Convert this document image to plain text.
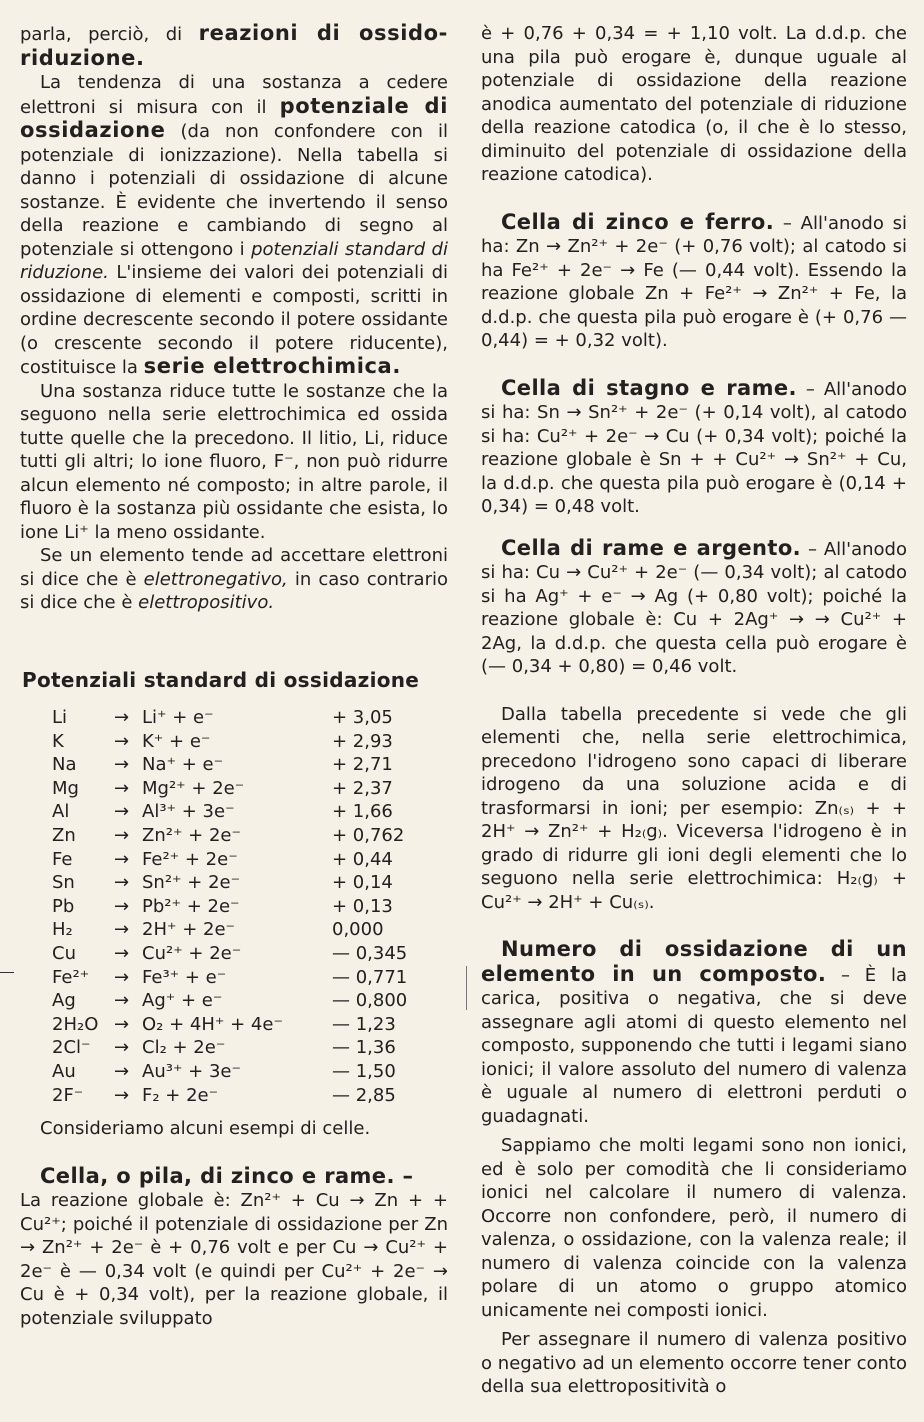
parla, perciò, di reazioni di ossido-riduzione.

La tendenza di una sostanza a cedere elettroni si misura con il potenziale di ossidazione (da non confondere con il potenziale di ionizzazione). Nella tabella si danno i potenziali di ossidazione di alcune sostanze. È evidente che invertendo il senso della reazione e cambiando di segno al potenziale si ottengono i potenziali standard di riduzione. L'insieme dei valori dei potenziali di ossidazione di elementi e composti, scritti in ordine decrescente secondo il potere ossidante (o crescente secondo il potere riducente), costituisce la serie elettrochimica.

Una sostanza riduce tutte le sostanze che la seguono nella serie elettrochimica ed ossida tutte quelle che la precedono. Il litio, Li, riduce tutti gli altri; lo ione fluoro, F⁻, non può ridurre alcun elemento né composto; in altre parole, il fluoro è la sostanza più ossidante che esista, lo ione Li⁺ la meno ossidante.

Se un elemento tende ad accettare elettroni si dice che è elettronegativo, in caso contrario si dice che è elettropositivo.

Potenziali standard di ossidazione
Li	→	Li⁺ + e⁻	+ 3,05
K	→	K⁺ + e⁻	+ 2,93
Na	→	Na⁺ + e⁻	+ 2,71
Mg	→	Mg²⁺ + 2e⁻	+ 2,37
Al	→	Al³⁺ + 3e⁻	+ 1,66
Zn	→	Zn²⁺ + 2e⁻	+ 0,762
Fe	→	Fe²⁺ + 2e⁻	+ 0,44
Sn	→	Sn²⁺ + 2e⁻	+ 0,14
Pb	→	Pb²⁺ + 2e⁻	+ 0,13
H₂	→	2H⁺ + 2e⁻	0,000
Cu	→	Cu²⁺ + 2e⁻	— 0,345
Fe²⁺	→	Fe³⁺ + e⁻	— 0,771
Ag	→	Ag⁺ + e⁻	— 0,800
2H₂O	→	O₂ + 4H⁺ + 4e⁻	— 1,23
2Cl⁻	→	Cl₂ + 2e⁻	— 1,36
Au	→	Au³⁺ + 3e⁻	— 1,50
2F⁻	→	F₂ + 2e⁻	— 2,85

Consideriamo alcuni esempi di celle.

Cella, o pila, di zinco e rame. –
La reazione globale è: Zn²⁺ + Cu → Zn + + Cu²⁺; poiché il potenziale di ossidazione per Zn → Zn²⁺ + 2e⁻ è + 0,76 volt e per Cu → Cu²⁺ + 2e⁻ è — 0,34 volt (e quindi per Cu²⁺ + 2e⁻ → Cu è + 0,34 volt), per la reazione globale, il potenziale sviluppato

è + 0,76 + 0,34 = + 1,10 volt. La d.d.p. che una pila può erogare è, dunque uguale al potenziale di ossidazione della reazione anodica aumentato del potenziale di riduzione della reazione catodica (o, il che è lo stesso, diminuito del potenziale di ossidazione della reazione catodica).

Cella di zinco e ferro. – All'anodo si ha: Zn → Zn²⁺ + 2e⁻ (+ 0,76 volt); al catodo si ha Fe²⁺ + 2e⁻ → Fe (— 0,44 volt). Essendo la reazione globale Zn + Fe²⁺ → Zn²⁺ + Fe, la d.d.p. che questa pila può erogare è (+ 0,76 — 0,44) = + 0,32 volt).

Cella di stagno e rame. – All'anodo si ha: Sn → Sn²⁺ + 2e⁻ (+ 0,14 volt), al catodo si ha: Cu²⁺ + 2e⁻ → Cu (+ 0,34 volt); poiché la reazione globale è Sn + + Cu²⁺ → Sn²⁺ + Cu, la d.d.p. che questa pila può erogare è (0,14 + 0,34) = 0,48 volt.

Cella di rame e argento. – All'anodo si ha: Cu → Cu²⁺ + 2e⁻ (— 0,34 volt); al catodo si ha Ag⁺ + e⁻ → Ag (+ 0,80 volt); poiché la reazione globale è: Cu + 2Ag⁺ → → Cu²⁺ + 2Ag, la d.d.p. che questa cella può erogare è (— 0,34 + 0,80) = 0,46 volt.

Dalla tabella precedente si vede che gli elementi che, nella serie elettrochimica, precedono l'idrogeno sono capaci di liberare idrogeno da una soluzione acida e di trasformarsi in ioni; per esempio: Zn₍ₛ₎ + + 2H⁺ → Zn²⁺ + H₂₍g₎. Viceversa l'idrogeno è in grado di ridurre gli ioni degli elementi che lo seguono nella serie elettrochimica: H₂₍g₎ + Cu²⁺ → 2H⁺ + Cu₍ₛ₎.

Numero di ossidazione di un elemento in un composto. – È la carica, positiva o negativa, che si deve assegnare agli atomi di questo elemento nel composto, supponendo che tutti i legami siano ionici; il valore assoluto del numero di valenza è uguale al numero di elettroni perduti o guadagnati.

Sappiamo che molti legami sono non ionici, ed è solo per comodità che li consideriamo ionici nel calcolare il numero di valenza. Occorre non confondere, però, il numero di valenza, o ossidazione, con la valenza reale; il numero di valenza coincide con la valenza polare di un atomo o gruppo atomico unicamente nei composti ionici.

Per assegnare il numero di valenza positivo o negativo ad un elemento occorre tener conto della sua elettropositività o
